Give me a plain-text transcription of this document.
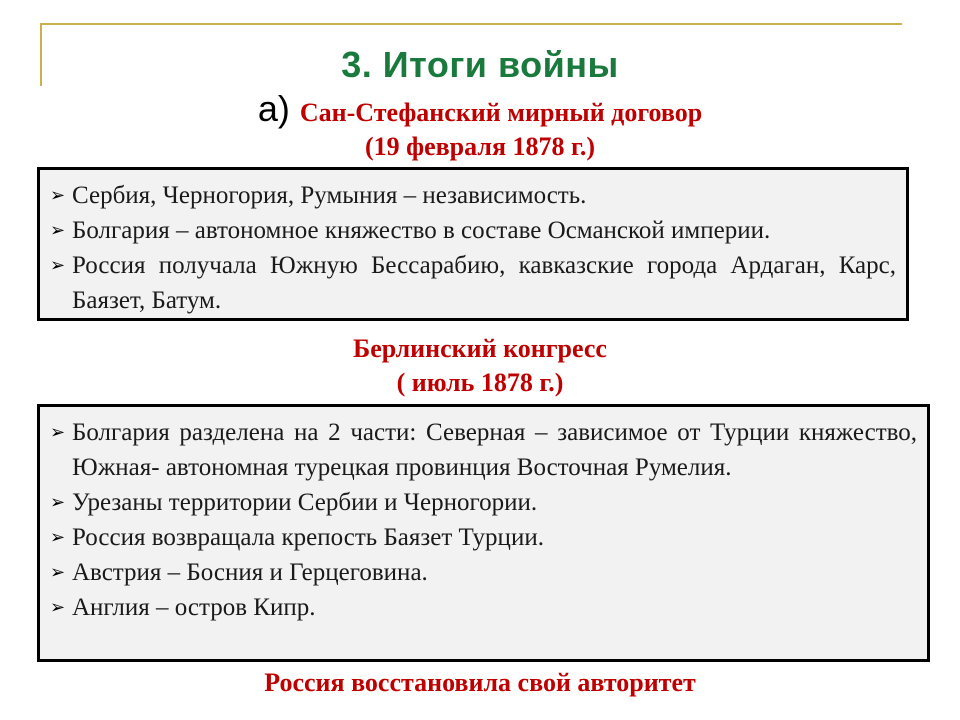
3. Итоги войны
а) Сан-Стефанский мирный договор
(19 февраля 1878 г.)

➢ Сербия, Черногория, Румыния – независимость.

➢ Болгария – автономное княжество в составе Османской империи.

➢ Россия получала Южную Бессарабию, кавказские города Ардаган, Карс, Баязет, Батум.

Берлинский конгресс
( июль 1878 г.)

➢ Болгария разделена на 2 части: Северная – зависимое от Турции княжество, Южная- автономная турецкая провинция Восточная Румелия.

➢ Урезаны территории Сербии и Черногории.

➢ Россия возвращала крепость Баязет Турции.

➢ Австрия – Босния и Герцеговина.

➢ Англия – остров Кипр.

Россия восстановила свой авторитет
